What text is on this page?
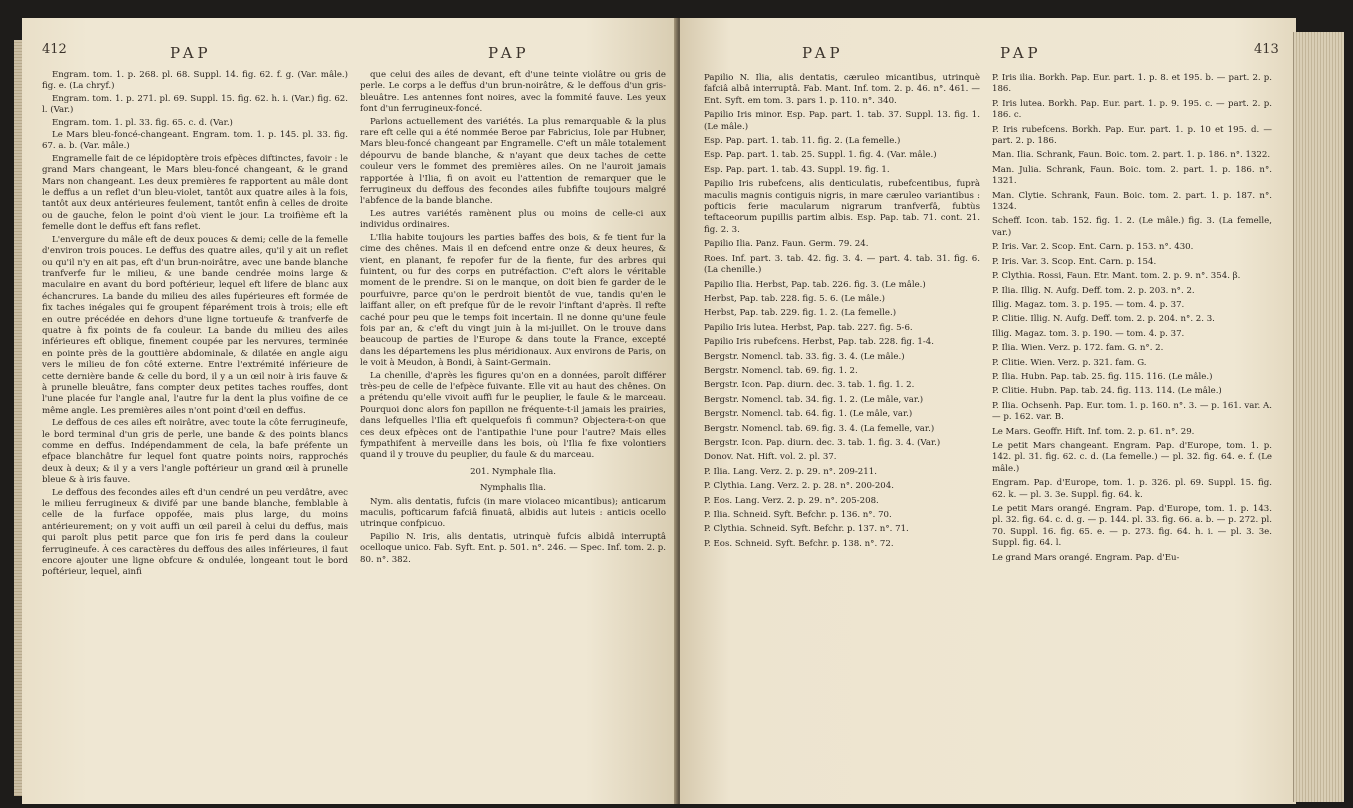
412	PAP	PAP

Engram. tom. 1. p. 268. pl. 68. Suppl. 14. fig. 62. f. g. (Var. mâle.) fig. e. (La chryf.)

Engram. tom. 1. p. 271. pl. 69. Suppl. 15. fig. 62. h. i. (Var.) fig. 62. l. (Var.)

Engram. tom. 1. pl. 33. fig. 65. c. d. (Var.)

Le Mars bleu-foncé-changeant. Engram. tom. 1. p. 145. pl. 33. fig. 67. a. b. (Var. mâle.)

Engramelle fait de ce lépidoptère trois efpèces diftinctes, favoir : le grand Mars changeant, le Mars bleu-foncé changeant, & le grand Mars non changeant. Les deux premières fe rapportent au mâle dont le deffus a un reflet d'un bleu-violet, tantôt aux quatre ailes à la fois, tantôt aux deux antérieures feulement, tantôt enfin à celles de droite ou de gauche, felon le point d'où vient le jour. La troifième eft la femelle dont le deffus eft fans reflet.

L'envergure du mâle eft de deux pouces & demi; celle de la femelle d'environ trois pouces. Le deffus des quatre ailes, qu'il y ait un reflet ou qu'il n'y en ait pas, eft d'un brun-noirâtre, avec une bande blanche tranfverfe fur le milieu, & une bande cendrée moins large & maculaire en avant du bord poftérieur, lequel eft lifere de blanc aux échancrures. La bande du milieu des ailes fupérieures eft formée de fix taches inégales qui fe groupent féparément trois à trois; elle eft en outre précédée en dehors d'une ligne tortueufe & tranfverfe de quatre à fix points de fa couleur. La bande du milieu des ailes inférieures eft oblique, finement coupée par les nervures, terminée en pointe près de la gouttière abdominale, & dilatée en angle aigu vers le milieu de fon côté externe. Entre l'extrémité inférieure de cette dernière bande & celle du bord, il y a un œil noir à iris fauve & à prunelle bleuâtre, fans compter deux petites taches rouffes, dont l'une placée fur l'angle anal, l'autre fur la dent la plus voifine de ce même angle. Les premières ailes n'ont point d'œil en deffus.

Le deffous de ces ailes eft noirâtre, avec toute la côte ferrugineufe, le bord terminal d'un gris de perle, une bande & des points blancs comme en deffus. Indépendamment de cela, la bafe préfente un efpace blanchâtre fur lequel font quatre points noirs, rapprochés deux à deux; & il y a vers l'angle poftérieur un grand œil à prunelle bleue & à iris fauve.

Le deffous des fecondes ailes eft d'un cendré un peu verdâtre, avec le milieu ferrugineux & divifé par une bande blanche, femblable à celle de la furface oppofée, mais plus large, du moins antérieurement; on y voit auffi un œil pareil à celui du deffus, mais qui paroît plus petit parce que fon iris fe perd dans la couleur ferrugineufe. À ces caractères du deffous des ailes inférieures, il faut encore ajouter une ligne obfcure & ondulée, longeant tout le bord poftérieur, lequel, ainfi

que celui des ailes de devant, eft d'une teinte violâtre ou gris de perle. Le corps a le deffus d'un brun-noirâtre, & le deffous d'un gris-bleuâtre. Les antennes font noires, avec la fommité fauve. Les yeux font d'un ferrugineux-foncé.

Parlons actuellement des variétés. La plus remarquable & la plus rare eft celle qui a été nommée Beroe par Fabricius, Iole par Hubner, Mars bleu-foncé changeant par Engramelle. C'eft un mâle totalement dépourvu de bande blanche, & n'ayant que deux taches de cette couleur vers le fommet des premières ailes. On ne l'auroit jamais rapportée à l'Ilia, fi on avoit eu l'attention de remarquer que le ferrugineux du deffous des fecondes ailes fubfifte toujours malgré l'abfence de la bande blanche.

Les autres variétés ramènent plus ou moins de celle-ci aux individus ordinaires.

L'Ilia habite toujours les parties baffes des bois, & fe tient fur la cime des chênes. Mais il en defcend entre onze & deux heures, & vient, en planant, fe repofer fur de la fiente, fur des arbres qui fuintent, ou fur des corps en putréfaction. C'eft alors le véritable moment de le prendre. Si on le manque, on doit bien fe garder de le pourfuivre, parce qu'on le perdroit bientôt de vue, tandis qu'en le laiffant aller, on eft prefque fûr de le revoir l'inftant d'après. Il refte caché pour peu que le temps foit incertain. Il ne donne qu'une feule fois par an, & c'eft du vingt juin à la mi-juillet. On le trouve dans beaucoup de parties de l'Europe & dans toute la France, excepté dans les départemens les plus méridionaux. Aux environs de Paris, on le voit à Meudon, à Bondi, à Saint-Germain.

La chenille, d'après les figures qu'on en a données, paroît différer très-peu de celle de l'efpèce fuivante. Elle vit au haut des chênes. On a prétendu qu'elle vivoit auffi fur le peuplier, le faule & le marceau. Pourquoi donc alors fon papillon ne fréquente-t-il jamais les prairies, dans lefquelles l'Ilia eft quelquefois fi commun? Objectera-t-on que ces deux efpèces ont de l'antipathie l'une pour l'autre? Mais elles fympathifent à merveille dans les bois, où l'Ilia fe fixe volontiers quand il y trouve du peuplier, du faule & du marceau.

201. Nymphale Ilia.

Nymphalis Ilia.

Nym. alis dentatis, fufcis (in mare violaceo micantibus); anticarum maculis, pofticarum fafciâ finuatâ, albidis aut luteis : anticis ocello utrinque confpicuo.

Papilio N. Iris, alis dentatis, utrinquè fufcis albidâ interruptâ ocelloque unico. Fab. Syft. Ent. p. 501. n°. 246. — Spec. Inf. tom. 2. p. 80. n°. 382.

PAP	PAP	413

Papilio N. Ilia, alis dentatis, cæruleo micantibus, utrinquè fafciâ albâ interruptâ. Fab. Mant. Inf. tom. 2. p. 46. n°. 461. — Ent. Syft. em tom. 3. pars 1. p. 110. n°. 340.

Papilio Iris minor. Esp. Pap. part. 1. tab. 37. Suppl. 13. fig. 1. (Le mâle.)

Esp. Pap. part. 1. tab. 11. fig. 2. (La femelle.)

Esp. Pap. part. 1. tab. 25. Suppl. 1. fig. 4. (Var. mâle.)

Esp. Pap. part. 1. tab. 43. Suppl. 19. fig. 1.

Papilio Iris rubefcens, alis denticulatis, rubefcentibus, fuprà maculis magnis contiguis nigris, in mare cæruleo variantibus : pofticis ferie macularum nigrarum tranfverfâ, fubtùs teftaceorum pupillis partim albis. Esp. Pap. tab. 71. cont. 21. fig. 2. 3.

Papilio Ilia. Panz. Faun. Germ. 79. 24.

Roes. Inf. part. 3. tab. 42. fig. 3. 4. — part. 4. tab. 31. fig. 6. (La chenille.)

Papilio Ilia. Herbst, Pap. tab. 226. fig. 3. (Le mâle.)

Herbst, Pap. tab. 228. fig. 5. 6. (Le mâle.)

Herbst, Pap. tab. 229. fig. 1. 2. (La femelle.)

Papilio Iris lutea. Herbst, Pap. tab. 227. fig. 5-6.

Papilio Iris rubefcens. Herbst, Pap. tab. 228. fig. 1-4.

Bergstr. Nomencl. tab. 33. fig. 3. 4. (Le mâle.)

Bergstr. Nomencl. tab. 69. fig. 1. 2.

Bergstr. Icon. Pap. diurn. dec. 3. tab. 1. fig. 1. 2.

Bergstr. Nomencl. tab. 34. fig. 1. 2. (Le mâle, var.)

Bergstr. Nomencl. tab. 64. fig. 1. (Le mâle, var.)

Bergstr. Nomencl. tab. 69. fig. 3. 4. (La femelle, var.)

Bergstr. Icon. Pap. diurn. dec. 3. tab. 1. fig. 3. 4. (Var.)

Donov. Nat. Hift. vol. 2. pl. 37.

P. Ilia. Lang. Verz. 2. p. 29. n°. 209-211.

P. Clythia. Lang. Verz. 2. p. 28. n°. 200-204.

P. Eos. Lang. Verz. 2. p. 29. n°. 205-208.

P. Ilia. Schneid. Syft. Befchr. p. 136. n°. 70.

P. Clythia. Schneid. Syft. Befchr. p. 137. n°. 71.

P. Eos. Schneid. Syft. Befchr. p. 138. n°. 72.

P. Iris ilia. Borkh. Pap. Eur. part. 1. p. 8. et 195. b. — part. 2. p. 186.

P. Iris lutea. Borkh. Pap. Eur. part. 1. p. 9. 195. c. — part. 2. p. 186. c.

P. Iris rubefcens. Borkh. Pap. Eur. part. 1. p. 10 et 195. d. — part. 2. p. 186.

Man. Ilia. Schrank, Faun. Boic. tom. 2. part. 1. p. 186. n°. 1322.

Man. Julia. Schrank, Faun. Boic. tom. 2. part. 1. p. 186. n°. 1321.

Man. Clytie. Schrank, Faun. Boic. tom. 2. part. 1. p. 187. n°. 1324.

Scheff. Icon. tab. 152. fig. 1. 2. (Le mâle.) fig. 3. (La femelle, var.)

P. Iris. Var. 2. Scop. Ent. Carn. p. 153. n°. 430.

P. Iris. Var. 3. Scop. Ent. Carn. p. 154.

P. Clythia. Rossi, Faun. Etr. Mant. tom. 2. p. 9. n°. 354. β.

P. Ilia. Illig. N. Aufg. Deff. tom. 2. p. 203. n°. 2.

Illig. Magaz. tom. 3. p. 195. — tom. 4. p. 37.

P. Clitie. Illig. N. Aufg. Deff. tom. 2. p. 204. n°. 2. 3.

Illig. Magaz. tom. 3. p. 190. — tom. 4. p. 37.

P. Ilia. Wien. Verz. p. 172. fam. G. n°. 2.

P. Clitie. Wien. Verz. p. 321. fam. G.

P. Ilia. Hubn. Pap. tab. 25. fig. 115. 116. (Le mâle.)

P. Clitie. Hubn. Pap. tab. 24. fig. 113. 114. (Le mâle.)

P. Ilia. Ochsenh. Pap. Eur. tom. 1. p. 160. n°. 3. — p. 161. var. A. — p. 162. var. B.

Le Mars. Geoffr. Hift. Inf. tom. 2. p. 61. n°. 29.

Le petit Mars changeant. Engram. Pap. d'Europe, tom. 1. p. 142. pl. 31. fig. 62. c. d. (La femelle.) — pl. 32. fig. 64. e. f. (Le mâle.)

Engram. Pap. d'Europe, tom. 1. p. 326. pl. 69. Suppl. 15. fig. 62. k. — pl. 3. 3e. Suppl. fig. 64. k.

Le petit Mars orangé. Engram. Pap. d'Europe, tom. 1. p. 143. pl. 32. fig. 64. c. d. g. — p. 144. pl. 33. fig. 66. a. b. — p. 272. pl. 70. Suppl. 16. fig. 65. e. — p. 273. fig. 64. h. i. — pl. 3. 3e. Suppl. fig. 64. l.

Le grand Mars orangé. Engram. Pap. d'Eu-
